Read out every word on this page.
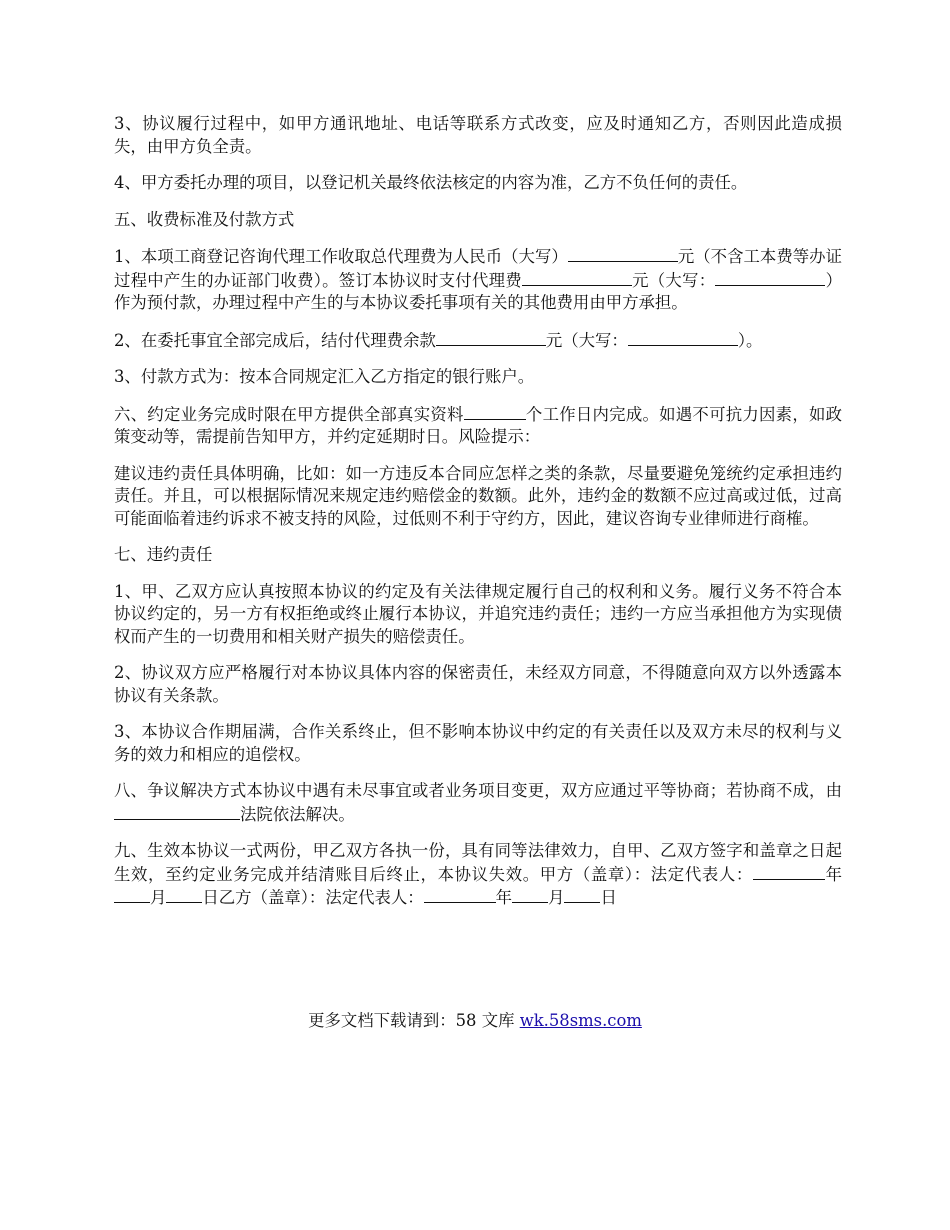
3、协议履行过程中，如甲方通讯地址、电话等联系方式改变，应及时通知乙方，否则因此造成损失，由甲方负全责。

4、甲方委托办理的项目，以登记机关最终依法核定的内容为准，乙方不负任何的责任。

五、收费标准及付款方式

1、本项工商登记咨询代理工作收取总代理费为人民币（大写）	元（不含工本费等办证过程中产生的办证部门收费）。签订本协议时支付代理费	元（大写：	）作为预付款，办理过程中产生的与本协议委托事项有关的其他费用由甲方承担。

2、在委托事宜全部完成后，结付代理费余款	元（大写：	）。

3、付款方式为：按本合同规定汇入乙方指定的银行账户。

六、约定业务完成时限在甲方提供全部真实资料	个工作日内完成。如遇不可抗力因素，如政策变动等，需提前告知甲方，并约定延期时日。风险提示：

建议违约责任具体明确，比如：如一方违反本合同应怎样之类的条款，尽量要避免笼统约定承担违约责任。并且，可以根据际情况来规定违约赔偿金的数额。此外，违约金的数额不应过高或过低，过高可能面临着违约诉求不被支持的风险，过低则不利于守约方，因此，建议咨询专业律师进行商榷。

七、违约责任

1、甲、乙双方应认真按照本协议的约定及有关法律规定履行自己的权利和义务。履行义务不符合本协议约定的，另一方有权拒绝或终止履行本协议，并追究违约责任；违约一方应当承担他方为实现债权而产生的一切费用和相关财产损失的赔偿责任。

2、协议双方应严格履行对本协议具体内容的保密责任，未经双方同意，不得随意向双方以外透露本协议有关条款。

3、本协议合作期届满，合作关系终止，但不影响本协议中约定的有关责任以及双方未尽的权利与义务的效力和相应的追偿权。

八、争议解决方式本协议中遇有未尽事宜或者业务项目变更，双方应通过平等协商；若协商不成，由法院依法解决。

九、生效本协议一式两份，甲乙双方各执一份，具有同等法律效力，自甲、乙双方签字和盖章之日起生效，至约定业务完成并结清账目后终止，本协议失效。甲方（盖章）：法定代表人：	年月 日乙方（盖章）：法定代表人：	年 月 日

更多文档下载请到：58 文库 wk.58sms.com
